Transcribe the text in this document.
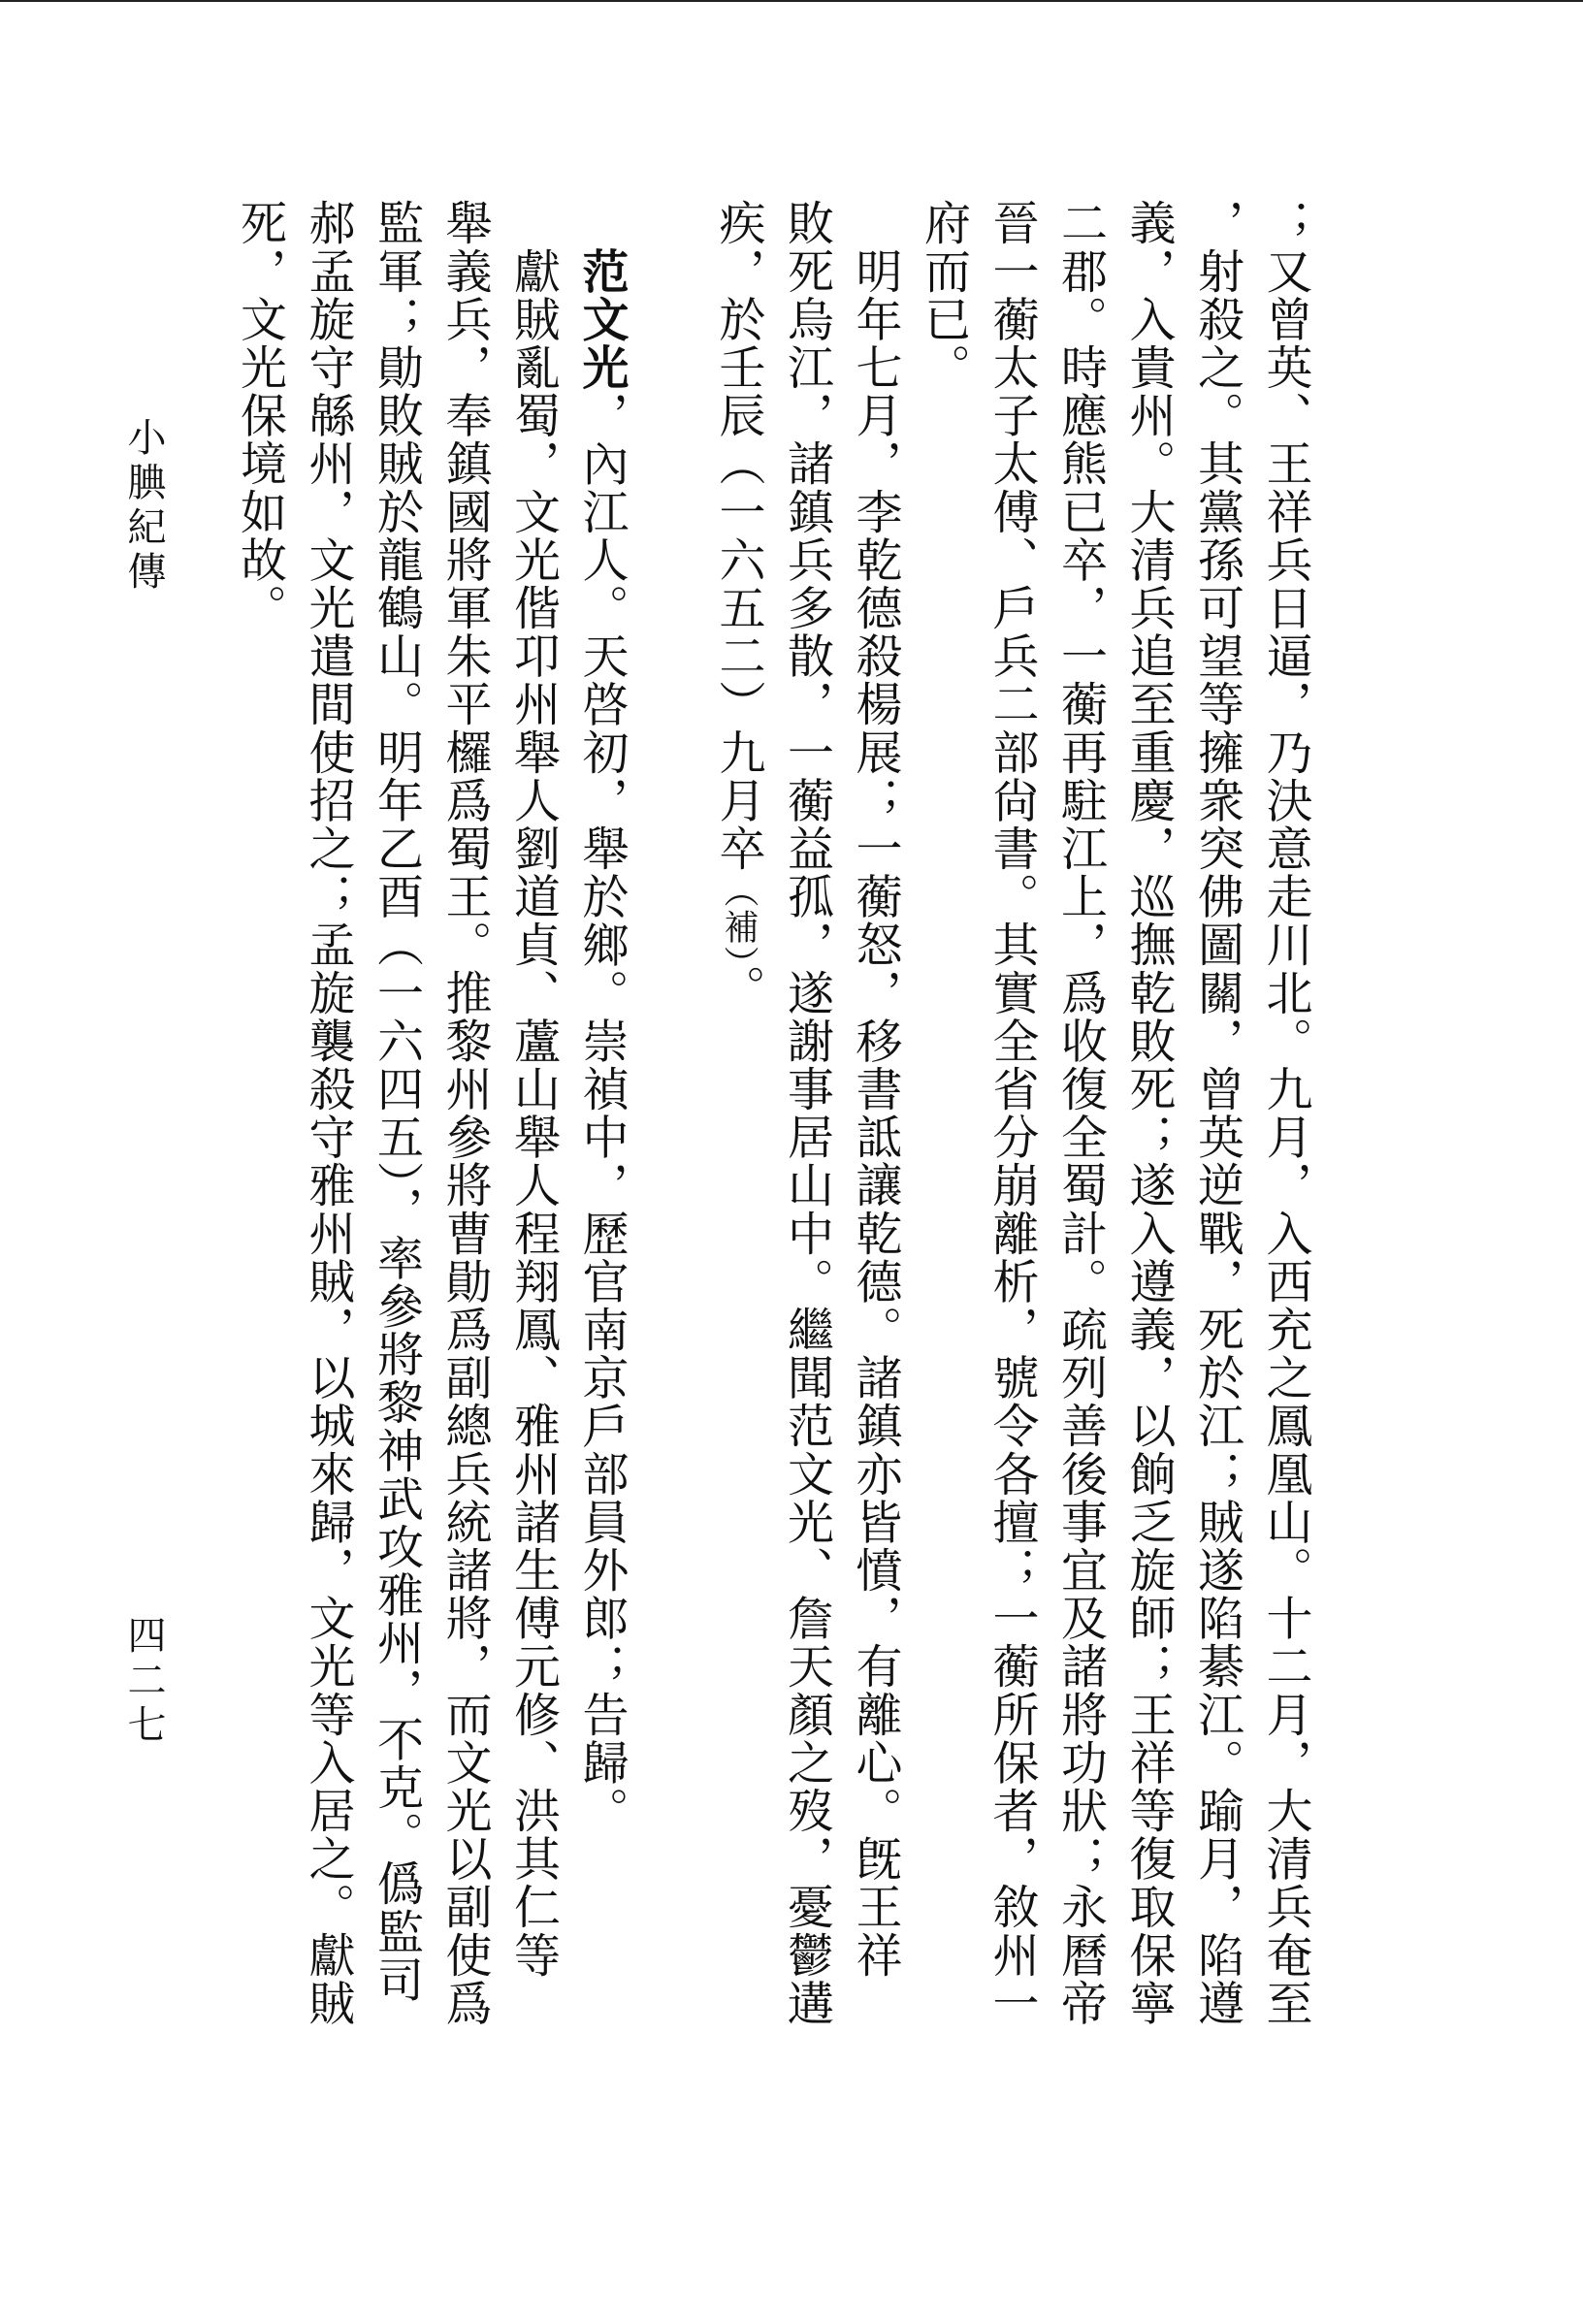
小腆紀傳
四二七	；又曾英、王祥兵日逼，乃決意走川北。九月，入西充之鳳凰山。十二月，大清兵奄至
，射殺之。其黨孫可望等擁衆突佛圖關，曾英逆戰，死於江；賊遂陷綦江。踰月，陷遵
義，入貴州。大清兵追至重慶，巡撫乾敗死；遂入遵義，以餉乏旋師；王祥等復取保寧
二郡。時應熊已卒，一蘅再駐江上，爲收復全蜀計。疏列善後事宜及諸將功狀；永曆帝
晉一蘅太子太傅、戶兵二部尙書。其實全省分崩離析，號令各擅；一蘅所保者，敘州一
府而已。
　明年七月，李乾德殺楊展；一蘅怒，移書詆讓乾德。諸鎮亦皆憤，有離心。旣王祥
敗死烏江，諸鎮兵多散，一蘅益孤，遂謝事居山中。繼聞范文光、詹天顏之歿，憂鬱遘
疾，於壬辰（一六五二）九月卒（補）。
　范文光，內江人。天啓初，舉於鄉。崇禎中，歷官南京戶部員外郎；告歸。
　獻賊亂蜀，文光偕卭州舉人劉道貞、蘆山舉人程翔鳳、雅州諸生傅元修、洪其仁等
舉義兵，奉鎮國將軍朱平欏爲蜀王。推黎州參將曹勛爲副總兵統諸將，而文光以副使爲
監軍；勛敗賊於龍鶴山。明年乙酉（一六四五），率參將黎神武攻雅州，不克。僞監司
郝孟旋守緜州，文光遣間使招之；孟旋襲殺守雅州賊，以城來歸，文光等入居之。獻賊
死，文光保境如故。
